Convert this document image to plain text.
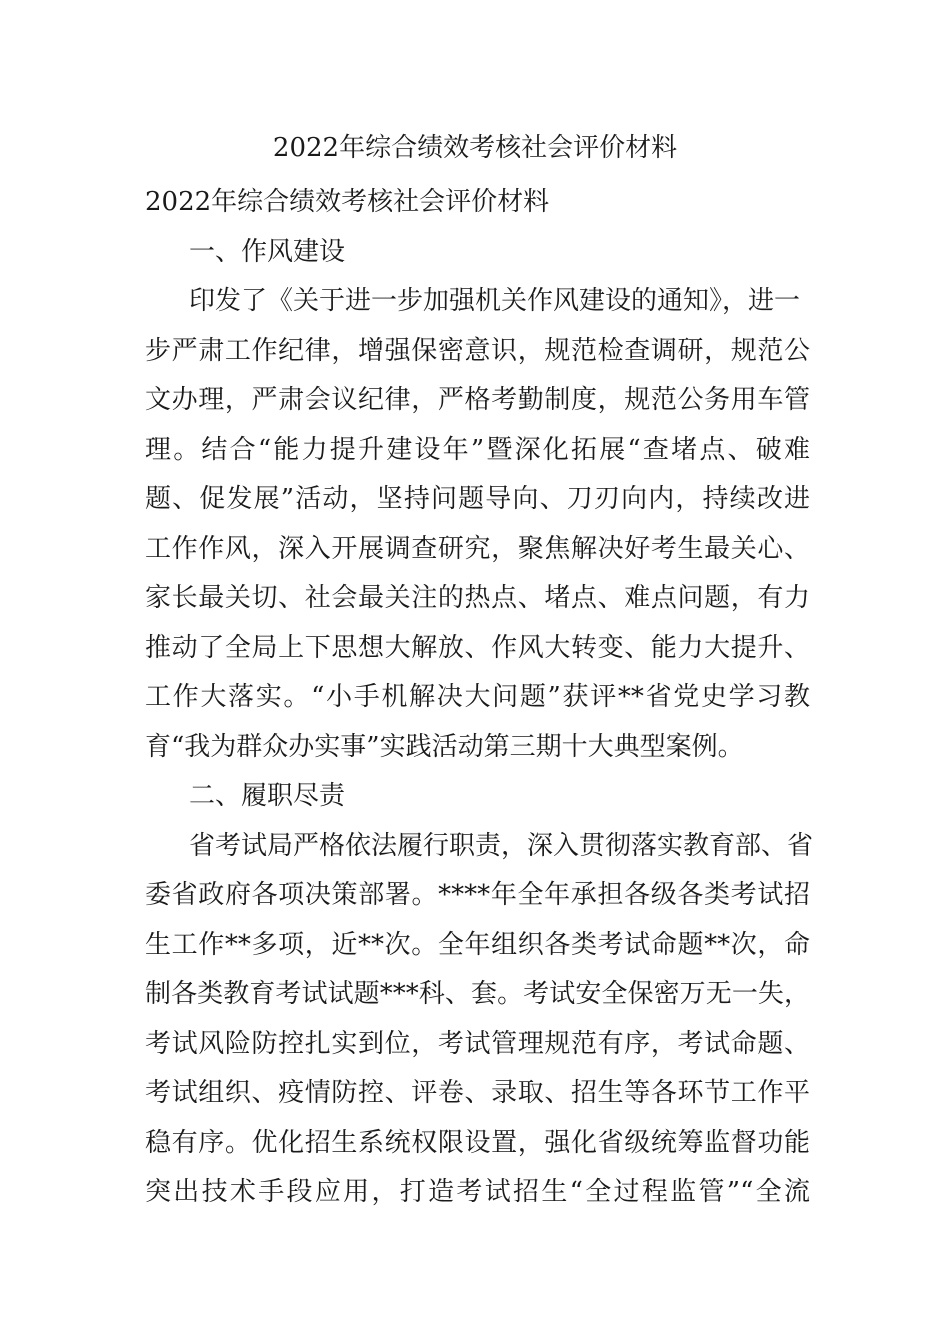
2022年综合绩效考核社会评价材料
2022年综合绩效考核社会评价材料
一、作风建设
印发了《关于进一步加强机关作风建设的通知》，进一
步严肃工作纪律，增强保密意识，规范检查调研，规范公
文办理，严肃会议纪律，严格考勤制度，规范公务用车管
理。结合“能力提升建设年”暨深化拓展“查堵点、破难
题、促发展”活动，坚持问题导向、刀刃向内，持续改进
工作作风，深入开展调查研究，聚焦解决好考生最关心、
家长最关切、社会最关注的热点、堵点、难点问题，有力
推动了全局上下思想大解放、作风大转变、能力大提升、
工作大落实。“小手机解决大问题”获评**省党史学习教
育“我为群众办实事”实践活动第三期十大典型案例。
二、履职尽责
省考试局严格依法履行职责，深入贯彻落实教育部、省
委省政府各项决策部署。****年全年承担各级各类考试招
生工作**多项，近**次。全年组织各类考试命题**次，命
制各类教育考试试题***科、套。考试安全保密万无一失，
考试风险防控扎实到位，考试管理规范有序，考试命题、
考试组织、疫情防控、评卷、录取、招生等各环节工作平
稳有序。优化招生系统权限设置，强化省级统筹监督功能
突出技术手段应用，打造考试招生“全过程监管”“全流
